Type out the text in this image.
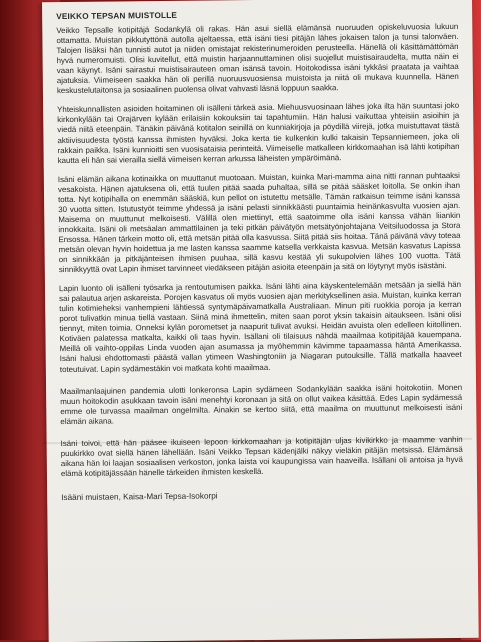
VEIKKO TEPSAN MUISTOLLE

Veikko Tepsalle kotipitäjä Sodankylä oli rakas. Hän asui siellä elämänsä nuoruuden opiskeluvuosia lukuun ottamatta. Muistan pikkutyttönä autolla ajeltaessa, että isäni tiesi pitäjän lähes jokaisen talon ja tunsi talonväen. Talojen lisäksi hän tunnisti autot ja niiden omistajat rekisterinumeroiden perusteella. Hänellä oli käsittämättömän hyvä numeromuisti. Olisi kuvitellut, että muistin harjaannuttaminen olisi suojellut muistisairaudelta, mutta näin ei vaan käynyt. Isäni sairastui muistisairauteen oman isänsä tavoin. Hoitokodissa isäni tykkäsi praatata ja vaihtaa ajatuksia. Viimeiseen saakka hän oli perillä nuoruusvuosiensa muistoista ja niitä oli mukava kuunnella. Hänen keskustelutaitonsa ja sosiaalinen puolensa olivat vahvasti läsnä loppuun saakka.

Yhteiskunnallisten asioiden hoitaminen oli isälleni tärkeä asia. Miehuusvuosinaan lähes joka ilta hän suuntasi joko kirkonkylään tai Orajärven kylään erilaisiin kokouksiin tai tapahtumiin. Hän halusi vaikuttaa yhteisiin asioihin ja viedä niitä eteenpäin. Tänäkin päivänä kotitalon seinillä on kunniakirjoja ja pöydillä viirejä, jotka muistuttavat tästä aktiivisuudesta työstä kanssa ihmisten hyväksi. Joka kerta tie kulkenkin kulki takaisin Tepsanniemeen, joka oli rakkain paikka. Isäni kunnioitti sen vuosisataisia perinteitä. Viimeiselle matkalleen kirkkomaahan isä lähti kotipihan kautta eli hän sai vierailla siellä viimeisen kerran arkussa läheisten ympäröimänä.

Isäni elämän aikana kotinaikka on muuttanut muotoaan. Muistan, kuinka Mari-mamma aina nitti rannan puhtaaksi vesakoista. Hänen ajatuksena oli, että tuulen pitää saada puhaltaa, sillä se pitää sääsket loitolla. Se onkin ihan totta. Nyt kotipihalla on enemmän sääskiä, kun pellot on istutettu metsälle. Tämän ratkaisun teimme isäni kanssa 30 vuotta sitten. Istutustyöt teimme yhdessä ja isäni pelasti sinnikkäästi puuntaimia heinänkasvulta vuosien ajan. Maisema on muuttunut melkoisesti. Välillä olen miettinyt, että saatoimme olla isäni kanssa vähän liiankin innokkaita. Isäni oli metsäalan ammattilainen ja teki pitkän päivätyön metsätyönjohtajana Veitsiluodossa ja Stora Ensossa. Hänen tärkein motto oli, että metsän pitää olla kasvussa. Siitä pitää siis hoitaa. Tänä päivänä vävy toteaa metsän olevan hyvin hoidettua ja me lasten kanssa saamme katsella verkkaista kasvua. Metsän kasvatus Lapissa on sinnikkään ja pitkäjänteisen ihmisen puuhaa, sillä kasvu kestää yli sukupolvien lähes 100 vuotta. Tätä sinnikkyyttä ovat Lapin ihmiset tarvinneet viedäkseen pitäjän asioita eteenpäin ja sitä on löytynyt myös isästäni.

Lapin luonto oli isälleni työsarka ja rentoutumisen paikka. Isäni lähti aina käyskentelemään metsään ja siellä hän sai palautua arjen askareista. Porojen kasvatus oli myös vuosien ajan merkityksellinen asia. Muistan, kuinka kerran tulin kotimieheksi vanhempieni lähtiessä syntymäpäivamatkalla Australiaan. Minun piti ruokkia poroja ja kerran porot tulivatkin minua tiellä vastaan. Siinä minä ihmettelin, miten saan porot yksin takaisin aitaukseen. Isäni olisi tiennyt, miten toimia. Onneksi kylän porometset ja naapurit tulivat avuksi. Heidän avuista olen edelleen kiitollinen. Kotiväen palatessa matkalta, kaikki oli taas hyvin. Isällani oli tilaisuus nähdä maailmaa kotipitäjää kauempana. Meillä oli vaihto-oppilas Linda vuoden ajan asumassa ja myöhemmin kävimme tapaamassa häntä Amerikassa. Isäni halusi ehdottomasti päästä vallan ytimeen Washingtoniin ja Niagaran putouksille. Tällä matkalla haaveet toteutuivat. Lapin sydämestäkin voi matkata kohti maailmaa.

Maailmanlaajuinen pandemia ulotti lonkeronsa Lapin sydämeen Sodankylään saakka isäni hoitokotiin. Monen muun hoitokodin asukkaan tavoin isäni menehtyi koronaan ja sitä on ollut vaikea käsittää. Edes Lapin sydämessä emme ole turvassa maailman ongelmilta. Ainakin se kertoo siitä, että maailma on muuttunut melkoisesti isäni elämän aikana.

Isäni toivoi, että hän pääsee ikuiseen lepoon kirkkomaahan ja kotipitäjän uljas kivikirkko ja maamme vanhin puukirkko ovat siellä hänen lähellään. Isäni Veikko Tepsan kädenjälki näkyy vieläkin pitäjän metsissä. Elämänsä aikana hän loi laajan sosiaalisen verkoston, jonka laista voi kaupungissa vain haaveilla. Isällani oli antoisa ja hyvä elämä kotipitäjässään hänelle tärkeiden ihmisten keskellä.

Isääni muistaen, Kaisa-Mari Tepsa-Isokorpi
